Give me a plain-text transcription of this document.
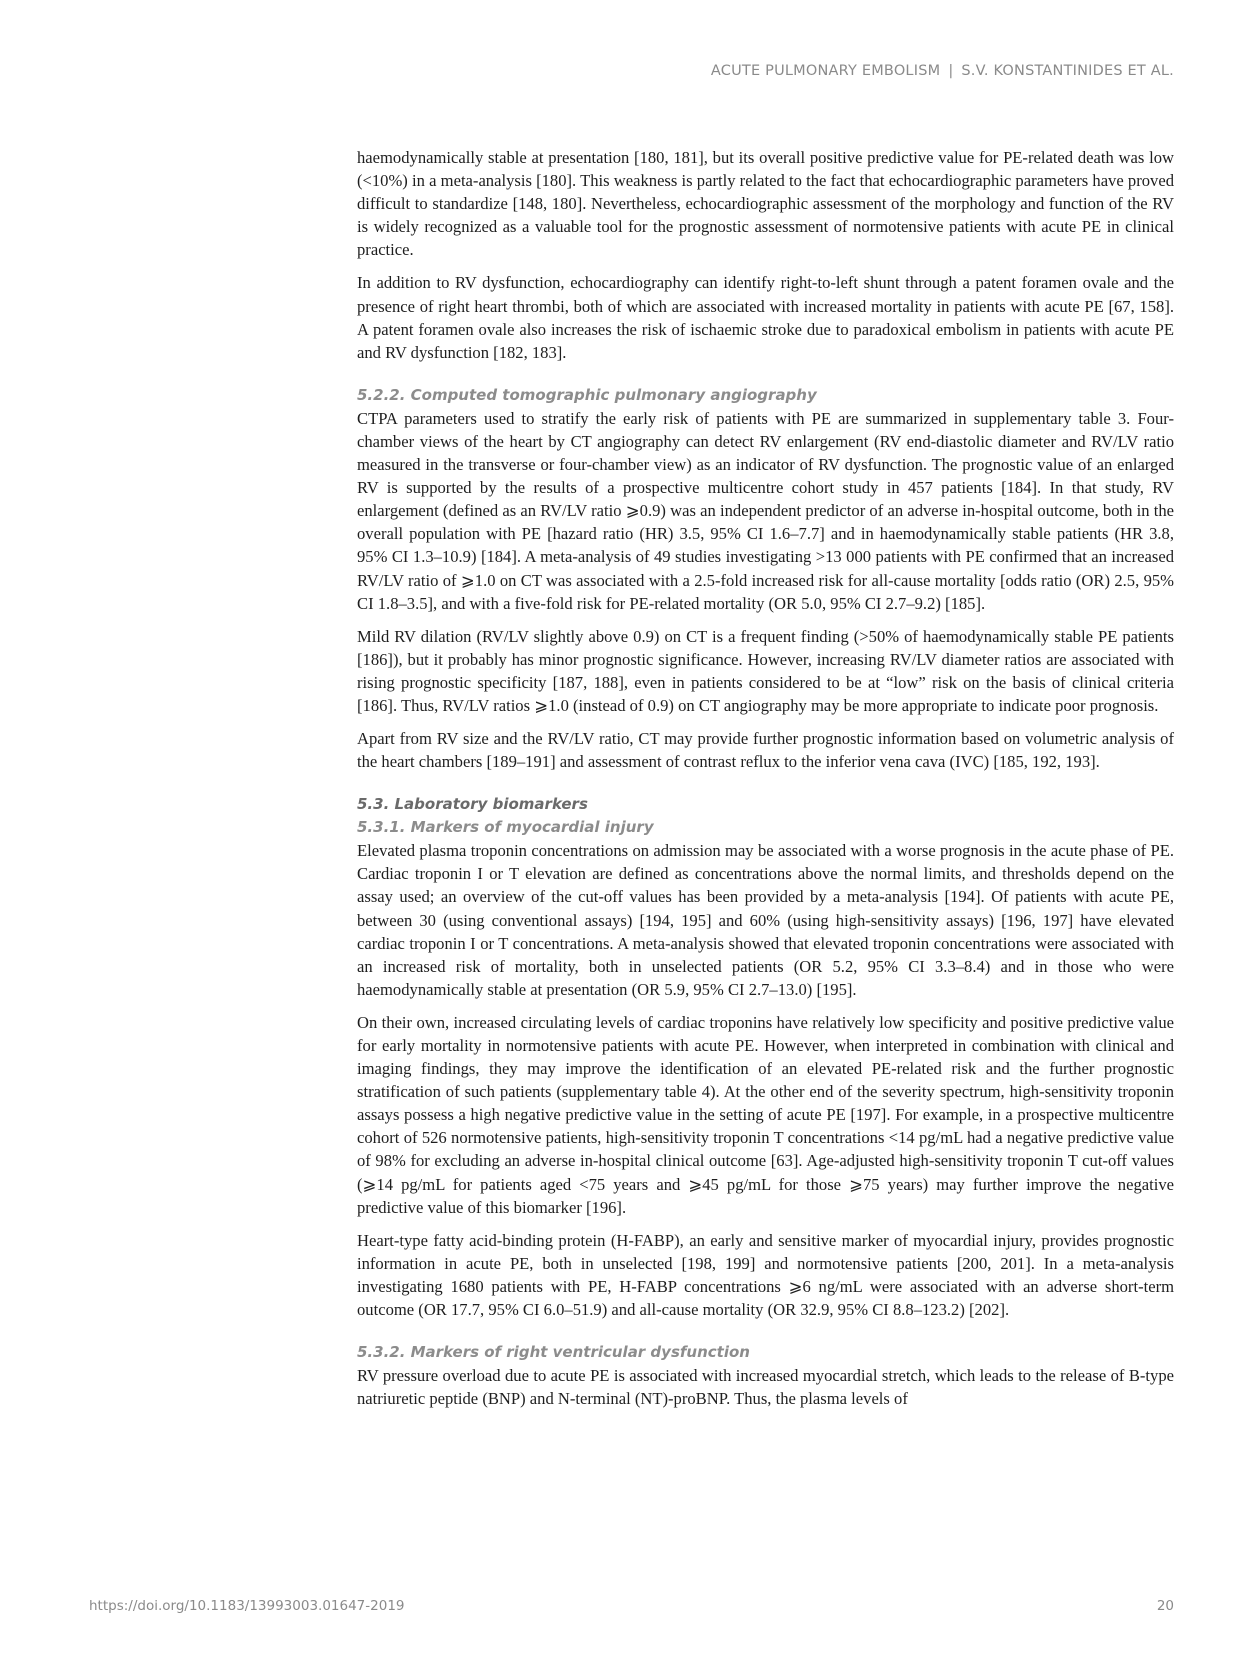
ACUTE PULMONARY EMBOLISM | S.V. KONSTANTINIDES ET AL.

haemodynamically stable at presentation [180, 181], but its overall positive predictive value for PE-related death was low (<10%) in a meta-analysis [180]. This weakness is partly related to the fact that echocardiographic parameters have proved difficult to standardize [148, 180]. Nevertheless, echocardiographic assessment of the morphology and function of the RV is widely recognized as a valuable tool for the prognostic assessment of normotensive patients with acute PE in clinical practice.

In addition to RV dysfunction, echocardiography can identify right-to-left shunt through a patent foramen ovale and the presence of right heart thrombi, both of which are associated with increased mortality in patients with acute PE [67, 158]. A patent foramen ovale also increases the risk of ischaemic stroke due to paradoxical embolism in patients with acute PE and RV dysfunction [182, 183].

5.2.2. Computed tomographic pulmonary angiography

CTPA parameters used to stratify the early risk of patients with PE are summarized in supplementary table 3. Four-chamber views of the heart by CT angiography can detect RV enlargement (RV end-diastolic diameter and RV/LV ratio measured in the transverse or four-chamber view) as an indicator of RV dysfunction. The prognostic value of an enlarged RV is supported by the results of a prospective multicentre cohort study in 457 patients [184]. In that study, RV enlargement (defined as an RV/LV ratio ⩾0.9) was an independent predictor of an adverse in-hospital outcome, both in the overall population with PE [hazard ratio (HR) 3.5, 95% CI 1.6–7.7] and in haemodynamically stable patients (HR 3.8, 95% CI 1.3–10.9) [184]. A meta-analysis of 49 studies investigating >13 000 patients with PE confirmed that an increased RV/LV ratio of ⩾1.0 on CT was associated with a 2.5-fold increased risk for all-cause mortality [odds ratio (OR) 2.5, 95% CI 1.8–3.5], and with a five-fold risk for PE-related mortality (OR 5.0, 95% CI 2.7–9.2) [185].

Mild RV dilation (RV/LV slightly above 0.9) on CT is a frequent finding (>50% of haemodynamically stable PE patients [186]), but it probably has minor prognostic significance. However, increasing RV/LV diameter ratios are associated with rising prognostic specificity [187, 188], even in patients considered to be at “low” risk on the basis of clinical criteria [186]. Thus, RV/LV ratios ⩾1.0 (instead of 0.9) on CT angiography may be more appropriate to indicate poor prognosis.

Apart from RV size and the RV/LV ratio, CT may provide further prognostic information based on volumetric analysis of the heart chambers [189–191] and assessment of contrast reflux to the inferior vena cava (IVC) [185, 192, 193].

5.3. Laboratory biomarkers
5.3.1. Markers of myocardial injury

Elevated plasma troponin concentrations on admission may be associated with a worse prognosis in the acute phase of PE. Cardiac troponin I or T elevation are defined as concentrations above the normal limits, and thresholds depend on the assay used; an overview of the cut-off values has been provided by a meta-analysis [194]. Of patients with acute PE, between 30 (using conventional assays) [194, 195] and 60% (using high-sensitivity assays) [196, 197] have elevated cardiac troponin I or T concentrations. A meta-analysis showed that elevated troponin concentrations were associated with an increased risk of mortality, both in unselected patients (OR 5.2, 95% CI 3.3–8.4) and in those who were haemodynamically stable at presentation (OR 5.9, 95% CI 2.7–13.0) [195].

On their own, increased circulating levels of cardiac troponins have relatively low specificity and positive predictive value for early mortality in normotensive patients with acute PE. However, when interpreted in combination with clinical and imaging findings, they may improve the identification of an elevated PE-related risk and the further prognostic stratification of such patients (supplementary table 4). At the other end of the severity spectrum, high-sensitivity troponin assays possess a high negative predictive value in the setting of acute PE [197]. For example, in a prospective multicentre cohort of 526 normotensive patients, high-sensitivity troponin T concentrations <14 pg/mL had a negative predictive value of 98% for excluding an adverse in-hospital clinical outcome [63]. Age-adjusted high-sensitivity troponin T cut-off values (⩾14 pg/mL for patients aged <75 years and ⩾45 pg/mL for those ⩾75 years) may further improve the negative predictive value of this biomarker [196].

Heart-type fatty acid-binding protein (H-FABP), an early and sensitive marker of myocardial injury, provides prognostic information in acute PE, both in unselected [198, 199] and normotensive patients [200, 201]. In a meta-analysis investigating 1680 patients with PE, H-FABP concentrations ⩾6 ng/mL were associated with an adverse short-term outcome (OR 17.7, 95% CI 6.0–51.9) and all-cause mortality (OR 32.9, 95% CI 8.8–123.2) [202].

5.3.2. Markers of right ventricular dysfunction

RV pressure overload due to acute PE is associated with increased myocardial stretch, which leads to the release of B-type natriuretic peptide (BNP) and N-terminal (NT)-proBNP. Thus, the plasma levels of

https://doi.org/10.1183/13993003.01647-2019	20
